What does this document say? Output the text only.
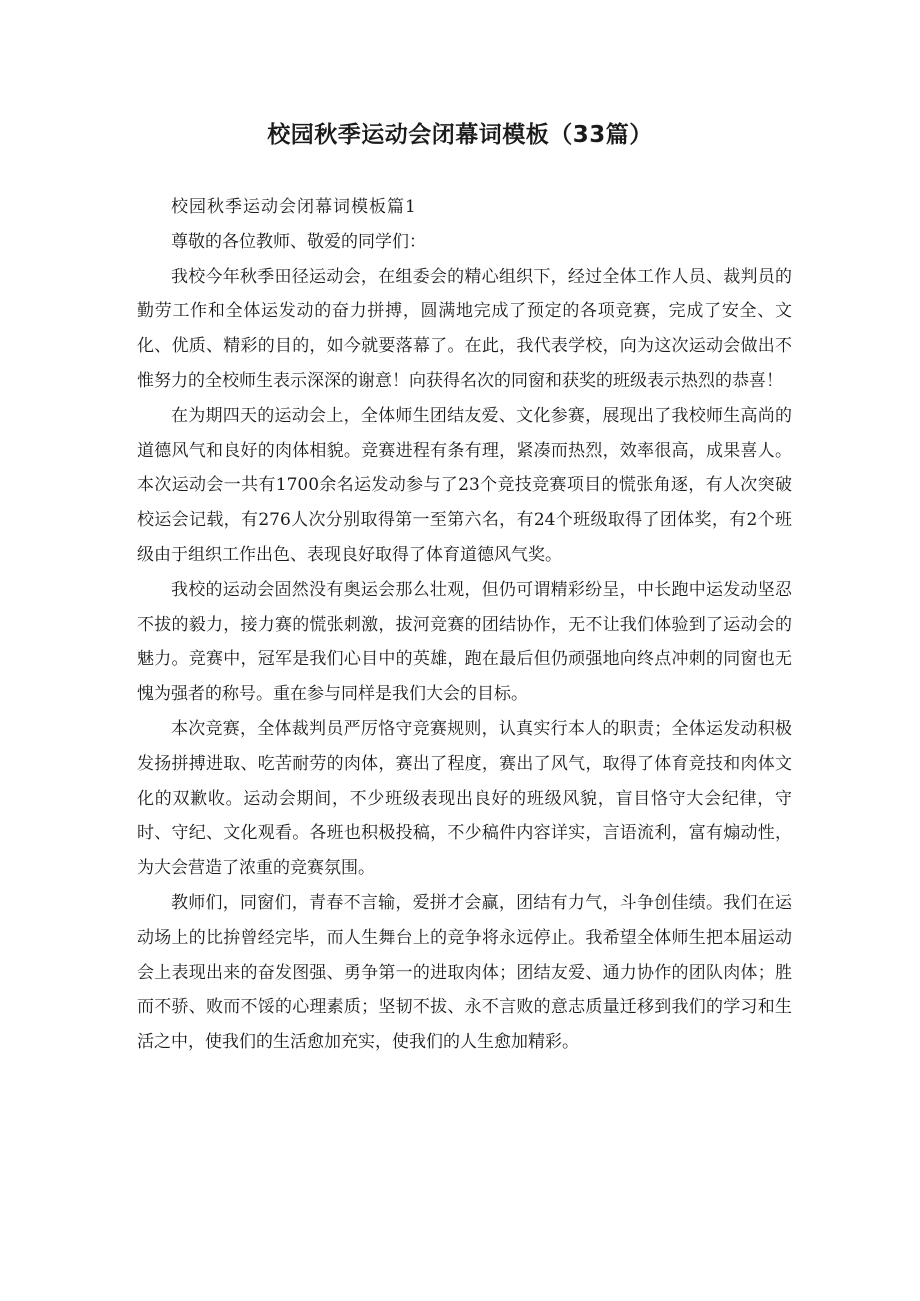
校园秋季运动会闭幕词模板（33篇）

校园秋季运动会闭幕词模板篇1

尊敬的各位教师、敬爱的同学们：

我校今年秋季田径运动会，在组委会的精心组织下，经过全体工作人员、裁判员的勤劳工作和全体运发动的奋力拼搏，圆满地完成了预定的各项竞赛，完成了安全、文化、优质、精彩的目的，如今就要落幕了。在此，我代表学校，向为这次运动会做出不惟努力的全校师生表示深深的谢意！向获得名次的同窗和获奖的班级表示热烈的恭喜！

在为期四天的运动会上，全体师生团结友爱、文化参赛，展现出了我校师生高尚的道德风气和良好的肉体相貌。竞赛进程有条有理，紧凑而热烈，效率很高，成果喜人。本次运动会一共有1700余名运发动参与了23个竞技竞赛项目的慌张角逐，有人次突破校运会记载，有276人次分别取得第一至第六名，有24个班级取得了团体奖，有2个班级由于组织工作出色、表现良好取得了体育道德风气奖。

我校的运动会固然没有奥运会那么壮观，但仍可谓精彩纷呈，中长跑中运发动坚忍不拔的毅力，接力赛的慌张刺激，拔河竞赛的团结协作，无不让我们体验到了运动会的魅力。竞赛中，冠军是我们心目中的英雄，跑在最后但仍顽强地向终点冲刺的同窗也无愧为强者的称号。重在参与同样是我们大会的目标。

本次竞赛，全体裁判员严厉恪守竞赛规则，认真实行本人的职责；全体运发动积极发扬拼搏进取、吃苦耐劳的肉体，赛出了程度，赛出了风气，取得了体育竞技和肉体文化的双歉收。运动会期间，不少班级表现出良好的班级风貌，盲目恪守大会纪律，守时、守纪、文化观看。各班也积极投稿，不少稿件内容详实，言语流利，富有煽动性，为大会营造了浓重的竞赛氛围。

教师们，同窗们，青春不言输，爱拼才会赢，团结有力气，斗争创佳绩。我们在运动场上的比拚曾经完毕，而人生舞台上的竞争将永远停止。我希望全体师生把本届运动会上表现出来的奋发图强、勇争第一的进取肉体；团结友爱、通力协作的团队肉体；胜而不骄、败而不馁的心理素质；坚韧不拔、永不言败的意志质量迁移到我们的学习和生活之中，使我们的生活愈加充实，使我们的人生愈加精彩。
